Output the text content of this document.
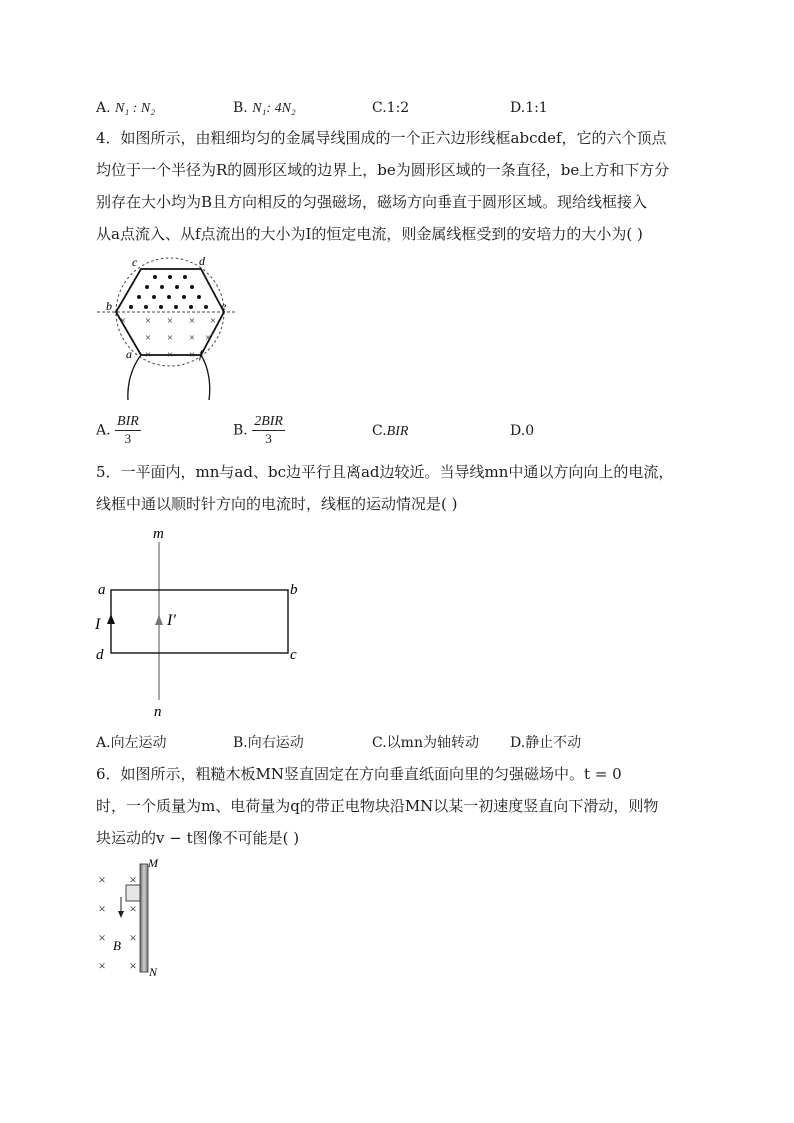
A. N₁ : N₂	B. N₁: 4N₂	C.1:2	D.1:1
4．如图所示，由粗细均匀的金属导线围成的一个正六边形线框abcdef，它的六个顶点
均位于一个半径为R的圆形区域的边界上，be为圆形区域的一条直径，be上方和下方分
别存在大小均为B且方向相反的匀强磁场，磁场方向垂直于圆形区域。现给线框接入
从a点流入、从f点流出的大小为I的恒定电流，则金属线框受到的安培力的大小为( )
× × × × ×
× × × ×
× × ×
c	d
b	e
a	f
A. $\frac{\text{BIR}}{3}$	B. $\frac{\text{2BIR}}{3}$	C.BIR	D.0
5．一平面内，mn与ad、bc边平行且离ad边较近。当导线mn中通以方向向上的电流，
线框中通以顺时针方向的电流时，线框的运动情况是( )
m
n
a	b
d	c
I	I′
A.向左运动	B.向右运动	C.以mn为轴转动 D.静止不动
6．如图所示，粗糙木板MN竖直固定在方向垂直纸面向里的匀强磁场中。t = 0
时，一个质量为m、电荷量为q的带正电物块沿MN以某一初速度竖直向下滑动，则物
块运动的v − t图像不可能是( )
× ×
× ×
× ×
× ×
M
N
B
